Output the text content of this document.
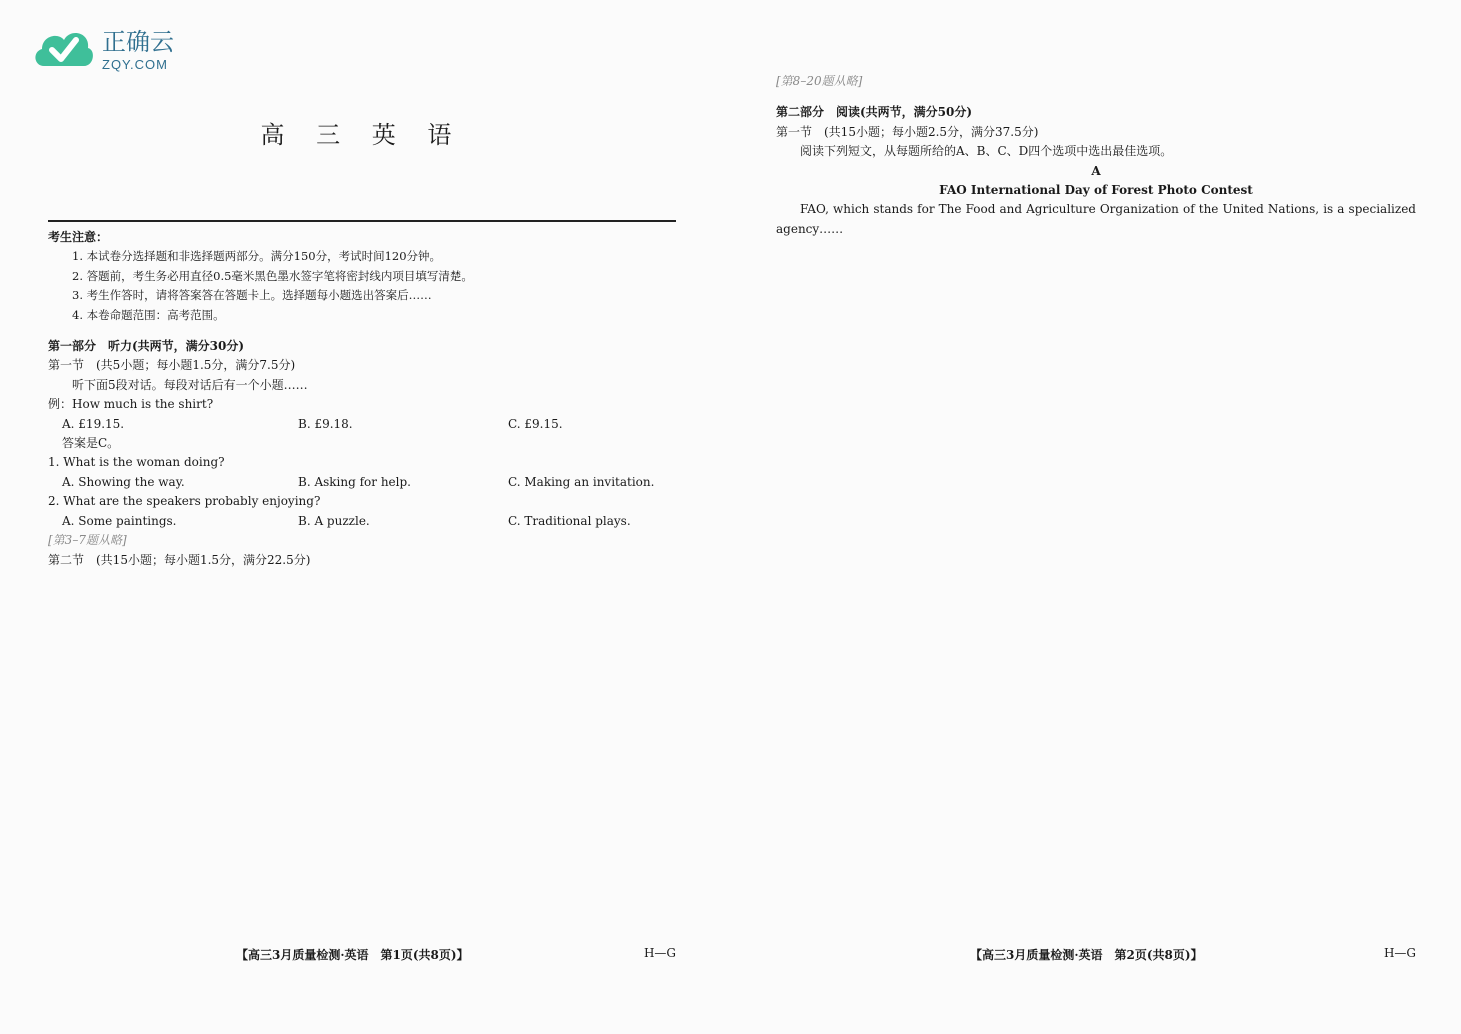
正确云
ZQY.COM
高 三 英 语
考生注意：
1. 本试卷分选择题和非选择题两部分。满分150分，考试时间120分钟。
2. 答题前，考生务必用直径0.5毫米黑色墨水签字笔将密封线内项目填写清楚。
3. 考生作答时，请将答案答在答题卡上。选择题每小题选出答案后……
4. 本卷命题范围：高考范围。
第一部分　听力(共两节，满分30分)
第一节　(共5小题；每小题1.5分，满分7.5分)
听下面5段对话。每段对话后有一个小题……
例：How much is the shirt?
A. £19.15.	B. £9.18.	C. £9.15.
答案是C。
1. What is the woman doing?
A. Showing the way.	B. Asking for help.	C. Making an invitation.
2. What are the speakers probably enjoying?
A. Some paintings.	B. A puzzle.	C. Traditional plays.
[第3–7题从略]
第二节　(共15小题；每小题1.5分，满分22.5分)
【高三3月质量检测·英语　第1页(共8页)】	H—G
[第8–20题从略]
第二部分　阅读(共两节，满分50分)
第一节　(共15小题；每小题2.5分，满分37.5分)
阅读下列短文，从每题所给的A、B、C、D四个选项中选出最佳选项。
A
FAO International Day of Forest Photo Contest
FAO, which stands for The Food and Agriculture Organization of the United Nations, is a specialized agency……
【高三3月质量检测·英语　第2页(共8页)】	H—G
